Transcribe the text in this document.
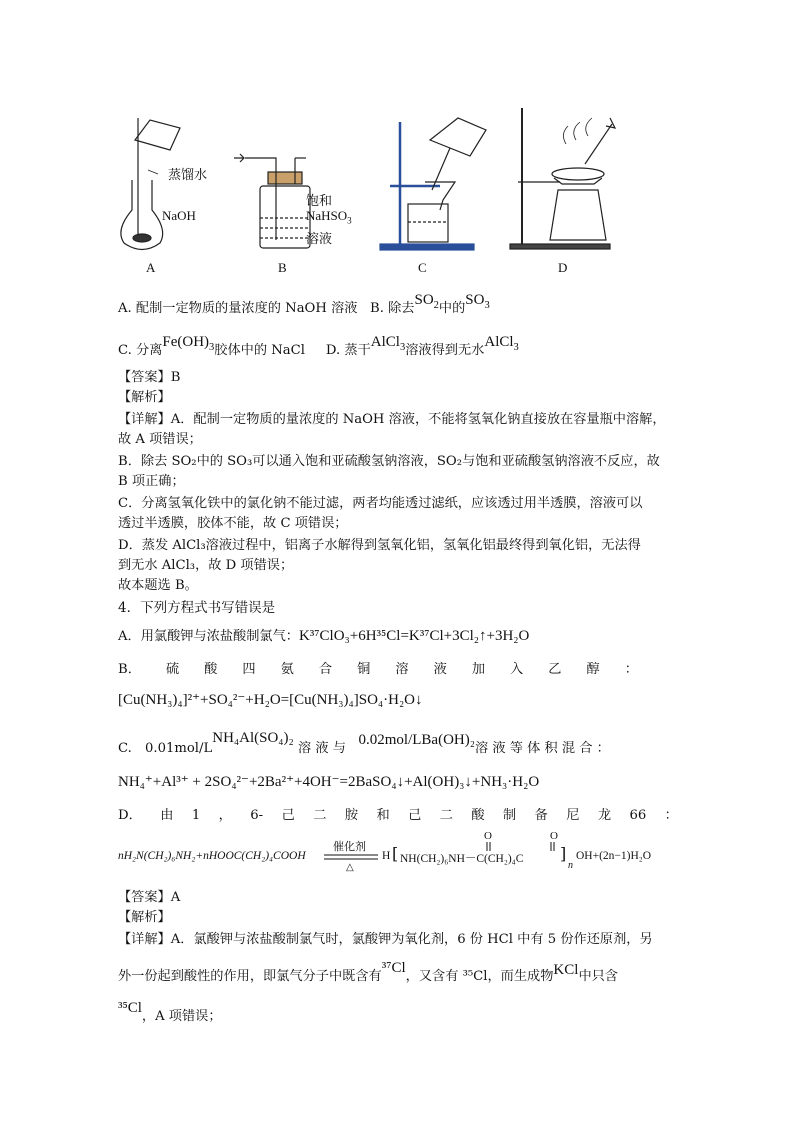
蒸馏水
NaOH
饱和
NaHSO$_3$
溶液
A	B	C	D
A. 配制一定物质的量浓度的 NaOH 溶液 B. 除去$SO_2$中的$SO_3$
C. 分离$Fe(OH)_3$胶体中的 NaCl D. 蒸干AlCl$_3$溶液得到无水AlCl$_3$
【答案】B
【解析】
【详解】A．配制一定物质的量浓度的 NaOH 溶液，不能将氢氧化钠直接放在容量瓶中溶解，
故 A 项错误；
B．除去 SO₂中的 SO₃可以通入饱和亚硫酸氢钠溶液，SO₂与饱和亚硫酸氢钠溶液不反应，故
B 项正确；
C．分离氢氧化铁中的氯化钠不能过滤，两者均能透过滤纸，应该透过用半透膜，溶液可以
透过半透膜，胶体不能，故 C 项错误；
D．蒸发 AlCl₃溶液过程中，铝离子水解得到氢氧化铝，氢氧化铝最终得到氧化铝，无法得
到无水 AlCl₃，故 D 项错误；
故本题选 B。
4．下列方程式书写错误是
A．用氯酸钾与浓盐酸制氯气：K³⁷ClO₃+6H³⁵Cl=K³⁷Cl+3Cl₂↑+3H₂O
B． 硫 酸 四 氨 合 铜 溶 液 加 入 乙 醇 ：
[Cu(NH₃)₄]²⁺+SO₄²⁻+H₂O=[Cu(NH₃)₄]SO₄·H₂O↓
C.　0.01mol/LNH₄Al(SO₄)₂ 溶 液 与   0.02mol/LBa(OH)₂溶 液 等 体 积 混 合 ：
NH₄⁺+Al³⁺ + 2SO₄²⁻+2Ba²⁺+4OH⁻=2BaSO₄↓+Al(OH)₃↓+NH₃·H₂O
D． 由 1 ， 6- 己 二 胺 和 己 二 酸 制 备 尼 龙 66 ：
nH₂N(CH₂)₆NH₂+nHOOC(CH₂)₄COOH
催化剂
△
H [ NH(CH₂)₆NH－C(CH₂)₄C
O	O
]
n
OH+(2n−1)H₂O
【答案】A
【解析】
【详解】A．氯酸钾与浓盐酸制氯气时，氯酸钾为氧化剂，6 份 HCl 中有 5 份作还原剂，另
外一份起到酸性的作用，即氯气分子中既含有³⁷Cl，又含有 ³⁵Cl，而生成物KCl中只含
³⁵Cl，A 项错误；
